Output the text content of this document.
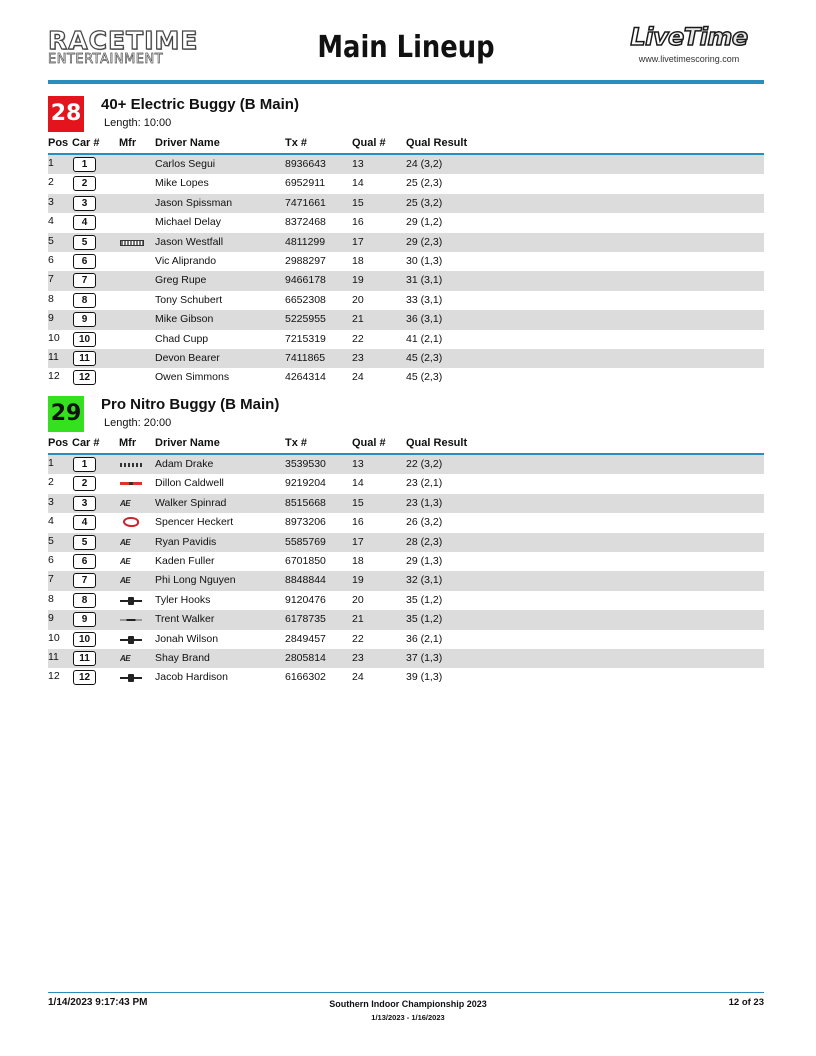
RACETIME
ENTERTAINMENT	Main Lineup	LiveTime
www.livetimescoring.com
28 40+ Electric Buggy (B Main)
Length: 10:00
Pos Car # Mfr Driver Name	Tx #	Qual # Qual Result
1	1	Carlos Segui	8936643 13	24 (3,2)
2	2	Mike Lopes	6952911	14	25 (2,3)
3	3	Jason Spissman	7471661 15	25 (3,2)
4	4	Michael Delay	8372468 16	29 (1,2)
5	5	Jason Westfall	4811299	17	29 (2,3)
6	6	Vic Aliprando	2988297 18	30 (1,3)
7	7	Greg Rupe	9466178 19	31 (3,1)
8	8	Tony Schubert	6652308 20	33 (3,1)
9	9	Mike Gibson	5225955 21	36 (3,1)
10	10	Chad Cupp	7215319 22	41 (2,1)
11	11	Devon Bearer	7411865	23	45 (2,3)
12	12	Owen Simmons	4264314 24	45 (2,3)
29 Pro Nitro Buggy (B Main)
Length: 20:00
Pos Car # Mfr Driver Name	Tx #	Qual # Qual Result
1	1	Adam Drake	3539530 13	22 (3,2)
2	2	Dillon Caldwell	9219204 14	23 (2,1)
3	3	AE	Walker Spinrad	8515668 15	23 (1,3)
4	4	Spencer Heckert	8973206 16	26 (3,2)
5	5	AE	Ryan Pavidis	5585769 17	28 (2,3)
6	6	AE	Kaden Fuller	6701850 18	29 (1,3)
7	7	AE	Phi Long Nguyen	8848844 19	32 (3,1)
8	8	Tyler Hooks	9120476 20	35 (1,2)
9	9	Trent Walker	6178735 21	35 (1,2)
10	10	Jonah Wilson	2849457 22	36 (2,1)
11	11	AE	Shay Brand	2805814 23	37 (1,3)
12	12	Jacob Hardison	6166302 24	39 (1,3)
1/14/2023 9:17:43 PM	Southern Indoor Championship 2023
1/13/2023 - 1/16/2023
12 of 23
